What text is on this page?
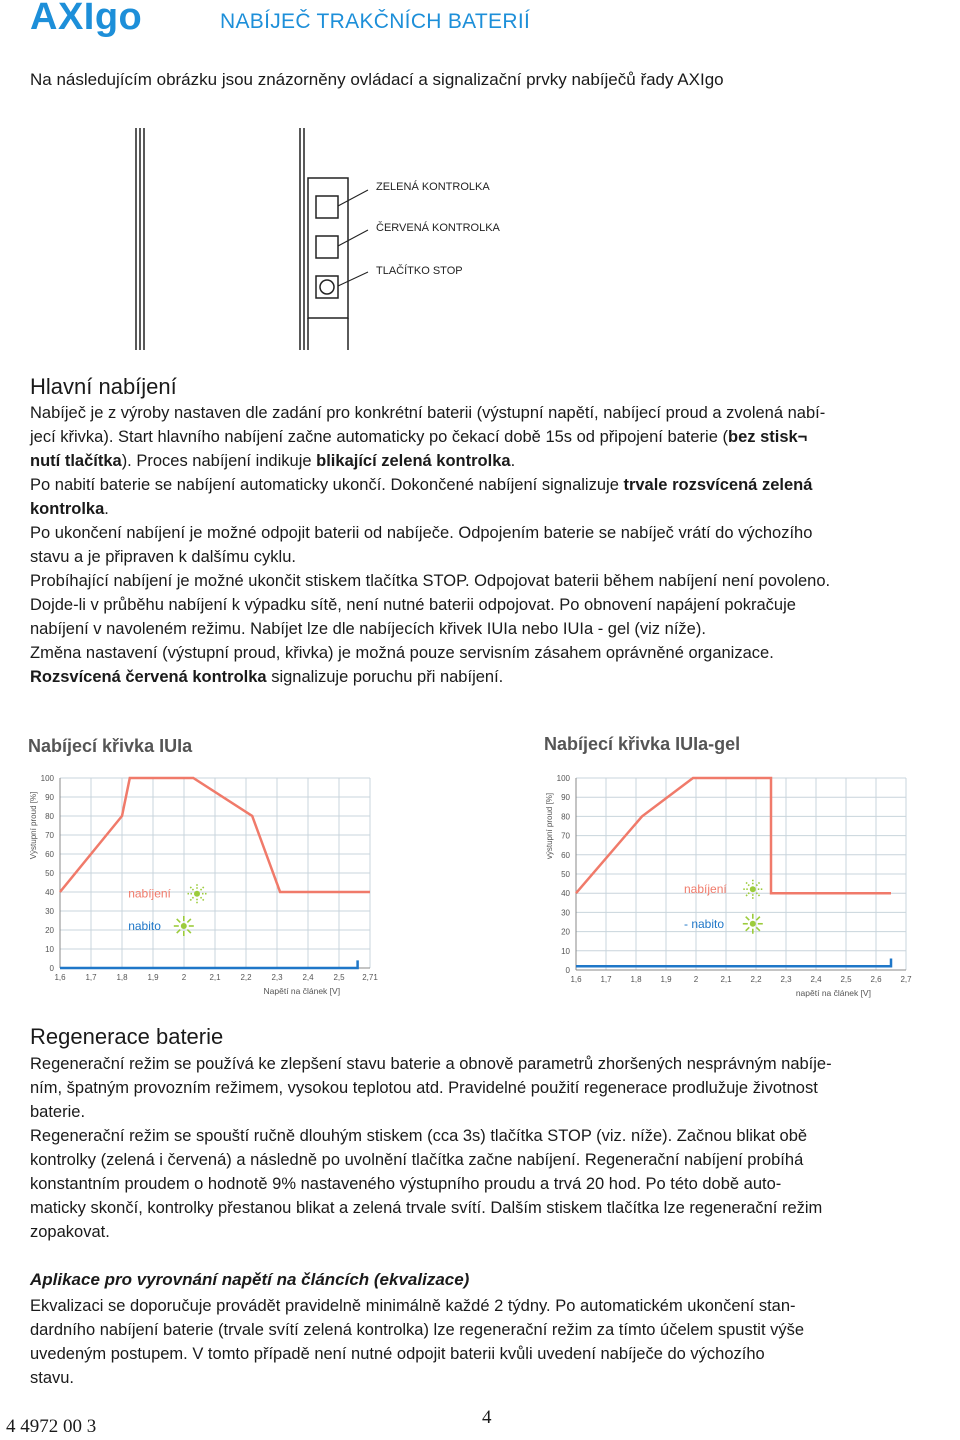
AXIgo	NABÍJEČ TRAKČNÍCH BATERIÍ
Na následujícím obrázku jsou znázorněny ovládací a signalizační prvky nabíječů řady AXIgo
ZELENÁ KONTROLKA
ČERVENÁ KONTROLKA
TLAČÍTKO STOP
Hlavní nabíjení
Nabíječ je z výroby nastaven dle zadání pro konkrétní baterii (výstupní napětí, nabíjecí proud a zvolená nabí-
jecí křivka). Start hlavního nabíjení začne automaticky po čekací době 15s od připojení baterie (bez stisk¬
nutí tlačítka). Proces nabíjení indikuje blikající zelená kontrolka.
Po nabití baterie se nabíjení automaticky ukončí. Dokončené nabíjení signalizuje trvale rozsvícená zelená
kontrolka.
Po ukončení nabíjení je možné odpojit baterii od nabíječe. Odpojením baterie se nabíječ vrátí do výchozího
stavu a je připraven k dalšímu cyklu.
Probíhající nabíjení je možné ukončit stiskem tlačítka STOP. Odpojovat baterii během nabíjení není povoleno.
Dojde-li v průběhu nabíjení k výpadku sítě, není nutné baterii odpojovat. Po obnovení napájení pokračuje
nabíjení v navoleném režimu. Nabíjet lze dle nabíjecích křivek IUIa nebo IUIa - gel (viz níže).
Změna nastavení (výstupní proud, křivka) je možná pouze servisním zásahem oprávněné organizace.
Rozsvícená červená kontrolka signalizuje poruchu při nabíjení.
Nabíjecí křivka IUIa
1,6 1,7 1,8 1,9	2	2,1 2,2 2,3 2,4 2,5 2,71
0
10
20
30
40
50
60
70
80
90
100
nabíjení
nabito
Výstupní proud [%]
Napětí na článek [V]
Nabíjecí křivka IUIa-gel
1,6 1,7 1,8 1,9	2	2,1 2,2 2,3 2,4 2,5 2,6 2,7
0
10
20
30
40
50
60
70
80
90
100
nabíjení
- nabito
výstupní proud [%]
napětí na článek [V]
Regenerace baterie
Regenerační režim se používá ke zlepšení stavu baterie a obnově parametrů zhoršených nesprávným nabíje-
ním, špatným provozním režimem, vysokou teplotou atd. Pravidelné použití regenerace prodlužuje životnost
baterie.
Regenerační režim se spouští ručně dlouhým stiskem (cca 3s) tlačítka STOP (viz. níže). Začnou blikat obě
kontrolky (zelená i červená) a následně po uvolnění tlačítka začne nabíjení. Regenerační nabíjení probíhá
konstantním proudem o hodnotě 9% nastaveného výstupního proudu a trvá 20 hod. Po této době auto-
maticky skončí, kontrolky přestanou blikat a zelená trvale svítí. Dalším stiskem tlačítka lze regenerační režim
zopakovat.
Aplikace pro vyrovnání napětí na článcích (ekvalizace)
Ekvalizaci se doporučuje provádět pravidelně minimálně každé 2 týdny. Po automatickém ukončení stan-
dardního nabíjení baterie (trvale svítí zelená kontrolka) lze regenerační režim za tímto účelem spustit výše
uvedeným postupem. V tomto případě není nutné odpojit baterii kvůli uvedení nabíječe do výchozího
stavu.
4 4972 00 3	4
